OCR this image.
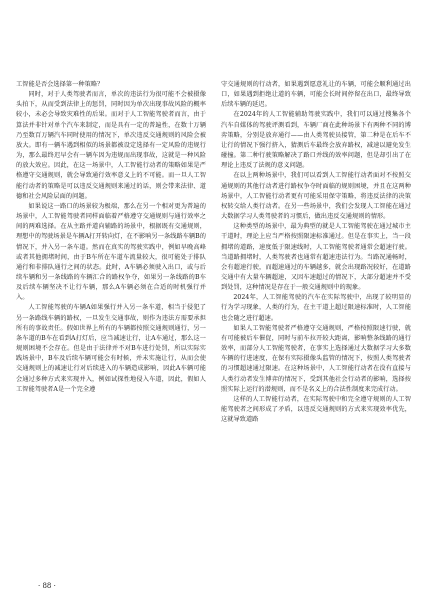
工智能是否会选择第一种策略？

同时，对于人类驾驶者而言，单次的违法行为很可能不会被摄像头拍下，从而受到法律上的惩罚，同时因为单次出现事故风险的概率较小，未必会导致灾难性的后果。而对于人工智能驾驶者而言，由于算法并非针对单个汽车来制定，而是具有一定的普遍性，在数十万辆乃至数百万辆汽车同时使用的情况下，单次违反交通规则的风险会被放大。即有一辆车遇到相似的场景都被设定选择有一定风险的违规行为，那么最终迟早会有一辆车因为违规而出现事故，这就是一种风险的放大效应。因此，在这一场景中，人工智能行动者的策略如果是严格遵守交通规则，就会导致通行效率意义上的不可能。而一旦人工智能行动者的策略是可以违反交通规则来通过的话，则会带来法律、道德和社会风险层面的问题。

如果说这一路口的场景较为极端，那么在另一个相对更为普遍的场景中，人工智能驾驶者同样面临着严格遵守交通规则与通行效率之间的两难选择。在从主路并道向辅路的场景中，根据既有交通规则，理想中的驾驶场景是车辆A打开转向灯，在不影响另一条线路车辆B的情况下，并入另一条车道。然而在真实的驾驶实践中，例如早晚高峰或者其他拥堵时间，由于B车所在车道车流量较大，很可能处于排队通行和非排队通行之间的状态。此时，A车辆必须驶入出口，或与后续车辆和另一条线路的车辆汇合的路权争夺，如果另一条线路的B车及后续车辆坚决不让行车辆，那么A车辆必须在合适的时机强行并入。

人工智能驾驶的车辆A如果强行并入另一条车道，相当于侵犯了另一条路线车辆的路权，一旦发生交通事故，则作为违法方需要承担所有的事故责任。假如世界上所有的车辆都按照交通规则通行，另一条车道的B车在看到A打灯后，应当减速让行，让A车通过，那么这一规则困境不会存在。但是由于法律并不对B车进行处罚，所以实际实践场景中，B车及后续车辆可能会有时候，并未实施让行，从而会使交通规则上的减速让行对后续进入的车辆造成影响，因此A车辆可能会通过多种方式来实现并入，例如试探性地侵入车道，因此，假如人工智能驾驶者A是一个完全遵

守交通规则的行动者，如果遇到愿意礼让的车辆，可能会顺利通过出口，如果遇到拒绝让道的车辆，可能会长时间停留在出口，最终导致后续车辆的延迟。

在2024年的人工智能辅助驾驶实践中，我们可以通过搜集各个汽车自媒体的驾驶评测看到，车辆厂商在此种场景下有两种不同的博弈策略，分别是放弃通行——由人类驾驶员接管，第二种是在后车不让行的情况下强行挤入，猜测后车最终会放弃路权，减速以避免发生碰撞。第二种行驶策略解决了路口并线的效率问题，但是却引出了在理论上违反了法规的意义问题。

在以上两种场景中，我们可以看到人工智能行动者面对不按照交通规则的其他行动者进行路权争夺时面临的规则困境，并且在这两种场景中，人工智能行动者更有可能采用保守策略，将违反法律的决策权转交给人类行动者。在另一些场景中，我们会发现人工智能在通过大数据学习人类驾驶者的习惯后，做出违反交通规则的情形。

这种类型的场景中，最为典型的就是人工智能驾驶在通过城市主干道时，理论上应当严格按照限速标准通过。但是在事实上，当一段拥堵的道路，速度低于限速线时，人工智能驾驶者通常会超速行驶。当道路拥堵时，人类驾驶者也通常有超速违法行为。当路况通畅时，会有超速行驶，而超速通过的车辆越多，就会出现路况较好，在道路交通中有大量车辆超速，又因车速超过的情况下，大部分超速并不受到处罚，这种情况是存在于一般交通规则中的现象。

2024年，人工智能驾驶的汽车在实际驾驶中，出现了较明显的行为学习现象，人类的行为，在主干道上超过限速标准时，人工智能也会随之进行超速。

如果人工智能驾驶者严格遵守交通规则，严格按照限速行驶，就有可能被后车催促，同时与前车拉开较大距离，影响整条线路的通行效率，而部分人工智能驾驶者，在事实上选择通过大数据学习大多数车辆的行进速度，在保有实际摄像头监管的情况下，按照人类驾驶者的习惯超速通过限速。在这种场景中，人工智能行动者在没有直接与人类行动者发生博弈的情况下，受到其他社会行动者的影响，选择按照实际上运行的潜规则，而不是名义上的合法性制度来完成行动。

这样的人工智能行动者，在实际驾驶中和完全遵守规则的人工智能驾驶者之间形成了矛盾，以违反交通规则的方式来实现效率优先，这就导致道路

· 88 ·
